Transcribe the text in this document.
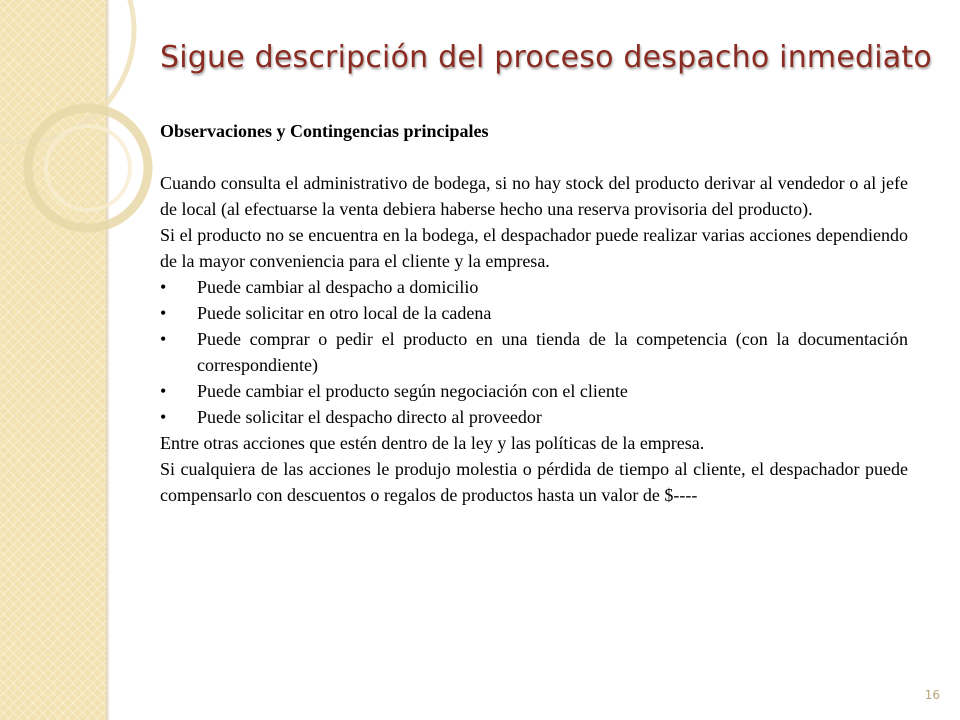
Sigue descripción del proceso despacho inmediato

Observaciones y Contingencias principales

Cuando consulta el administrativo de bodega, si no hay stock del producto derivar al vendedor o al jefe de local (al efectuarse la venta debiera haberse hecho una reserva provisoria del producto).

Si el producto no se encuentra en la bodega, el despachador puede realizar varias acciones dependiendo de la mayor conveniencia para el cliente y la empresa.

• Puede cambiar al despacho a domicilio
• Puede solicitar en otro local de la cadena
• Puede comprar o pedir el producto en una tienda de la competencia (con la documentación correspondiente)
• Puede cambiar el producto según negociación con el cliente
• Puede solicitar el despacho directo al proveedor

Entre otras acciones que estén dentro de la ley y las políticas de la empresa.

Si cualquiera de las acciones le produjo molestia o pérdida de tiempo al cliente, el despachador puede compensarlo con descuentos o regalos de productos hasta un valor de $----

16
